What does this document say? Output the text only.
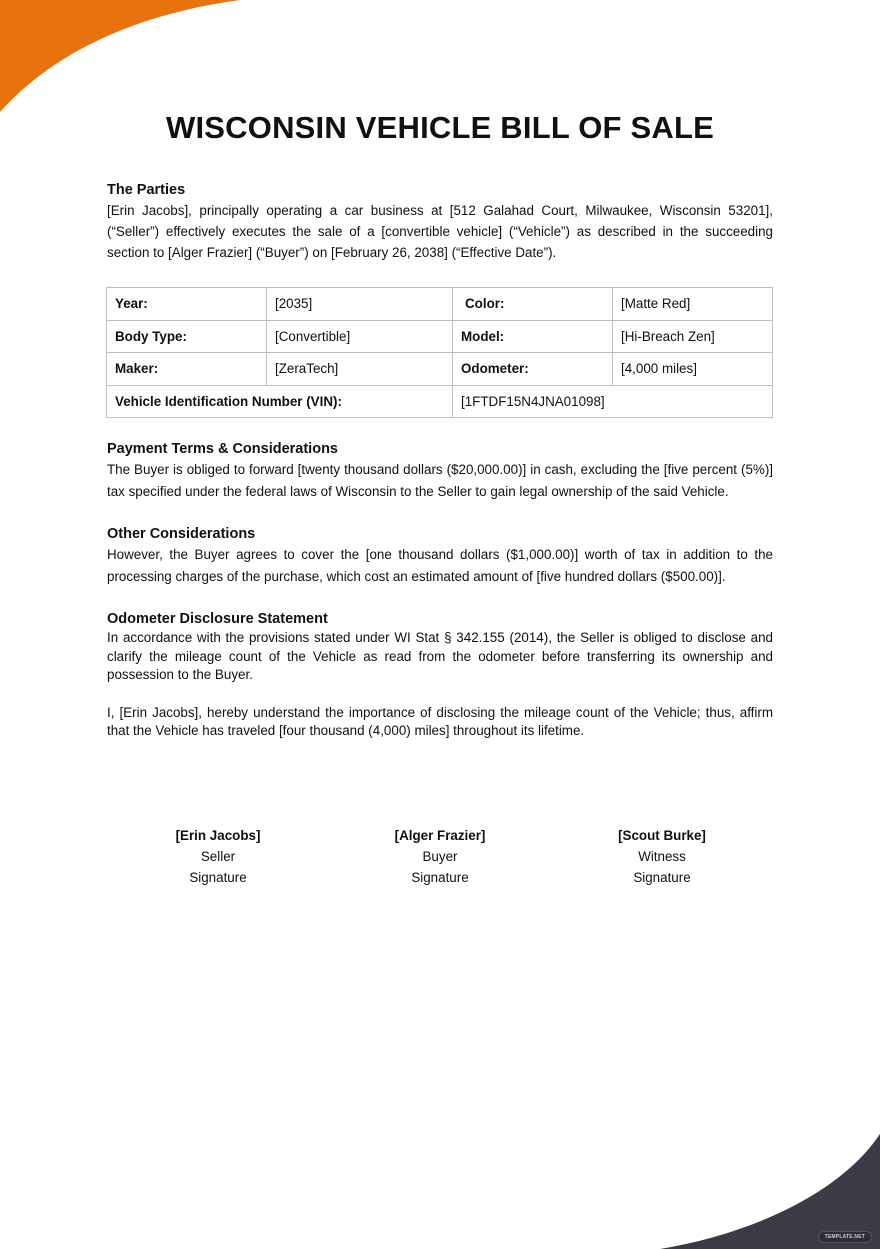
TEMPLATE.NET
WISCONSIN VEHICLE BILL OF SALE
The Parties

[Erin Jacobs], principally operating a car business at [512 Galahad Court, Milwaukee, Wisconsin 53201], (“Seller”) effectively executes the sale of a [convertible vehicle] (“Vehicle”) as described in the succeeding section to [Alger Frazier] (“Buyer”) on [February 26, 2038] (“Effective Date”).

Year:	[2035]	Color:	[Matte Red]
Body Type:	[Convertible]	Model:	[Hi-Breach Zen]
Maker:	[ZeraTech]	Odometer:	[4,000 miles]
Vehicle Identification Number (VIN):		[1FTDF15N4JNA01098]	
Payment Terms & Considerations

The Buyer is obliged to forward [twenty thousand dollars ($20,000.00)] in cash, excluding the [five percent (5%)] tax specified under the federal laws of Wisconsin to the Seller to gain legal ownership of the said Vehicle.

Other Considerations

However, the Buyer agrees to cover the [one thousand dollars ($1,000.00)] worth of tax in addition to the processing charges of the purchase, which cost an estimated amount of [five hundred dollars ($500.00)].

Odometer Disclosure Statement

In accordance with the provisions stated under WI Stat § 342.155 (2014), the Seller is obliged to disclose and clarify the mileage count of the Vehicle as read from the odometer before transferring its ownership and possession to the Buyer.

I, [Erin Jacobs], hereby understand the importance of disclosing the mileage count of the Vehicle; thus, affirm that the Vehicle has traveled [four thousand (4,000) miles] throughout its lifetime.

[Erin Jacobs]
Seller
Signature
[Alger Frazier]
Buyer
Signature
[Scout Burke]
Witness
Signature
